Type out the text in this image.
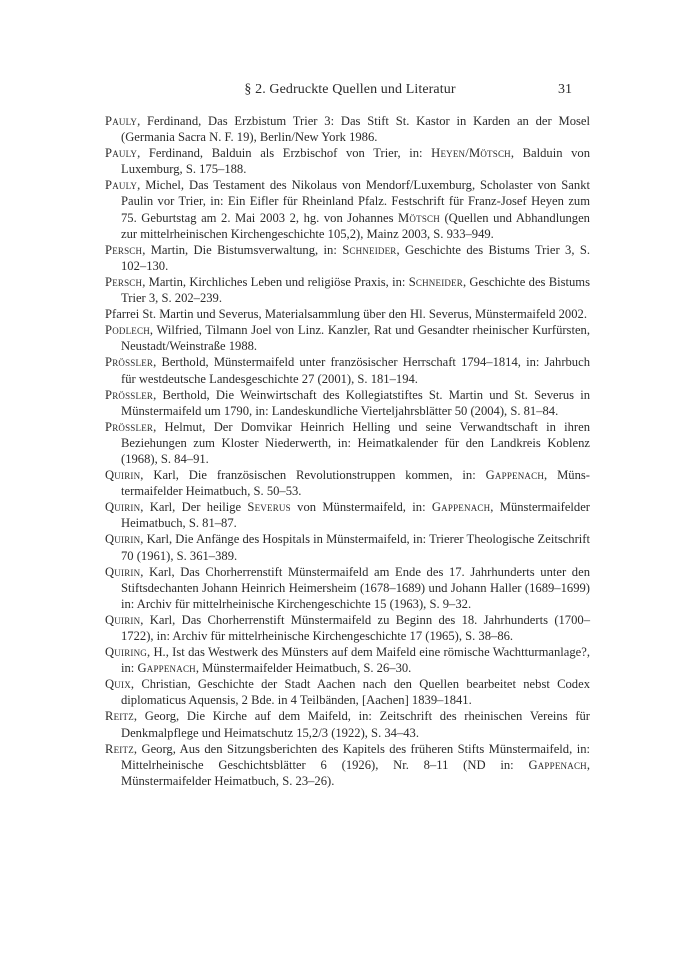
§ 2. Gedruckte Quellen und Literatur	31
Pauly, Ferdinand, Das Erzbistum Trier 3: Das Stift St. Kastor in Karden an der Mosel (Germania Sacra N. F. 19), Berlin/New York 1986.
Pauly, Ferdinand, Balduin als Erzbischof von Trier, in: Heyen/Mötsch, Balduin von Luxemburg, S. 175–188.
Pauly, Michel, Das Testament des Nikolaus von Mendorf/Luxemburg, Scholaster von Sankt Paulin vor Trier, in: Ein Eifler für Rheinland Pfalz. Festschrift für Franz-Josef Heyen zum 75. Geburtstag am 2. Mai 2003 2, hg. von Johannes Mötsch (Quellen und Abhandlungen zur mittelrheinischen Kirchengeschichte 105,2), Mainz 2003, S. 933–949.
Persch, Martin, Die Bistumsverwaltung, in: Schneider, Geschichte des Bistums Trier 3, S. 102–130.
Persch, Martin, Kirchliches Leben und religiöse Praxis, in: Schneider, Geschichte des Bistums Trier 3, S. 202–239.
Pfarrei St. Martin und Severus, Materialsammlung über den Hl. Severus, Münstermaifeld 2002.
Podlech, Wilfried, Tilmann Joel von Linz. Kanzler, Rat und Gesandter rheinischer Kurfürsten, Neustadt/Weinstraße 1988.
Prössler, Berthold, Münstermaifeld unter französischer Herrschaft 1794–1814, in: Jahrbuch für westdeutsche Landesgeschichte 27 (2001), S. 181–194.
Prössler, Berthold, Die Weinwirtschaft des Kollegiatstiftes St. Martin und St. Severus in Münstermaifeld um 1790, in: Landeskundliche Vierteljahrsblätter 50 (2004), S. 81–84.
Prössler, Helmut, Der Domvikar Heinrich Helling und seine Verwandtschaft in ihren Beziehungen zum Kloster Niederwerth, in: Heimatkalender für den Landkreis Koblenz (1968), S. 84–91.
Quirin, Karl, Die französischen Revolutionstruppen kommen, in: Gappenach, Münstermaifelder Heimatbuch, S. 50–53.
Quirin, Karl, Der heilige Severus von Münstermaifeld, in: Gappenach, Münstermaifelder Heimatbuch, S. 81–87.
Quirin, Karl, Die Anfänge des Hospitals in Münstermaifeld, in: Trierer Theologische Zeitschrift 70 (1961), S. 361–389.
Quirin, Karl, Das Chorherrenstift Münstermaifeld am Ende des 17. Jahrhunderts unter den Stiftsdechanten Johann Heinrich Heimersheim (1678–1689) und Johann Haller (1689–1699) in: Archiv für mittelrheinische Kirchengeschichte 15 (1963), S. 9–32.
Quirin, Karl, Das Chorherrenstift Münstermaifeld zu Beginn des 18. Jahrhunderts (1700–1722), in: Archiv für mittelrheinische Kirchengeschichte 17 (1965), S. 38–86.
Quiring, H., Ist das Westwerk des Münsters auf dem Maifeld eine römische Wachtturmanlage?, in: Gappenach, Münstermaifelder Heimatbuch, S. 26–30.
Quix, Christian, Geschichte der Stadt Aachen nach den Quellen bearbeitet nebst Codex diplomaticus Aquensis, 2 Bde. in 4 Teilbänden, [Aachen] 1839–1841.
Reitz, Georg, Die Kirche auf dem Maifeld, in: Zeitschrift des rheinischen Vereins für Denkmalpflege und Heimatschutz 15,2/3 (1922), S. 34–43.
Reitz, Georg, Aus den Sitzungsberichten des Kapitels des früheren Stifts Münstermaifeld, in: Mittelrheinische Geschichtsblätter 6 (1926), Nr. 8–11 (ND in: Gappenach, Münstermaifelder Heimatbuch, S. 23–26).
